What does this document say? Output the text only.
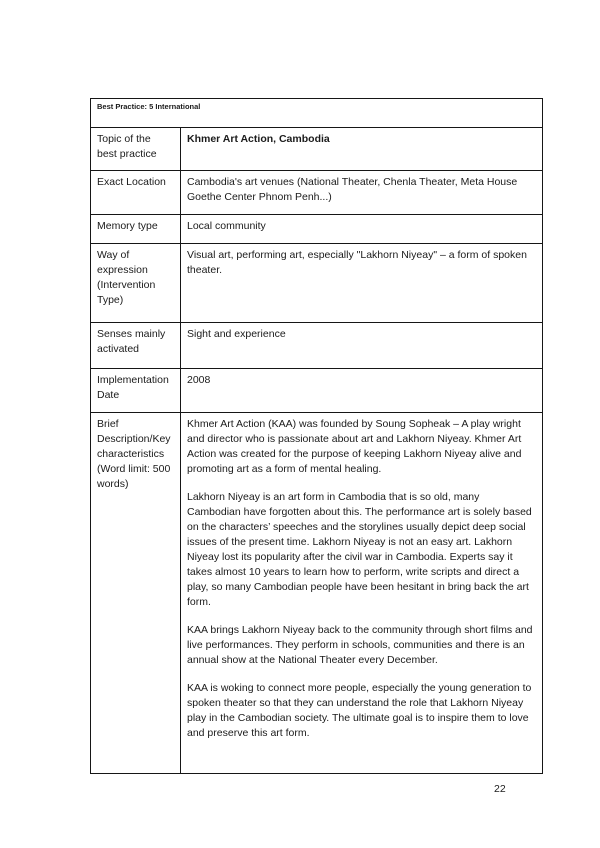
Best Practice: 5 International
Topic of the best practice
Khmer Art Action, Cambodia
Exact Location	Cambodia's art venues (National Theater, Chenla Theater, Meta House Goethe Center Phnom Penh...)
Memory type	Local community
Way of expression (Intervention Type)
Visual art, performing art, especially "Lakhorn Niyeay" – a form of spoken theater.
Senses mainly activated
Sight and experience
Implementation Date
2008
Brief Description/Key characteristics (Word limit: 500 words)

Khmer Art Action (KAA) was founded by Soung Sopheak – A play wright and director who is passionate about art and Lakhorn Niyeay. Khmer Art Action was created for the purpose of keeping Lakhorn Niyeay alive and promoting art as a form of mental healing.

Lakhorn Niyeay is an art form in Cambodia that is so old, many Cambodian have forgotten about this. The performance art is solely based on the characters’ speeches and the storylines usually depict deep social issues of the present time. Lakhorn Niyeay is not an easy art. Lakhorn Niyeay lost its popularity after the civil war in Cambodia. Experts say it takes almost 10 years to learn how to perform, write scripts and direct a play, so many Cambodian people have been hesitant in bring back the art form.

KAA brings Lakhorn Niyeay back to the community through short films and live performances. They perform in schools, communities and there is an annual show at the National Theater every December.

KAA is woking to connect more people, especially the young generation to spoken theater so that they can understand the role that Lakhorn Niyeay play in the Cambodian society. The ultimate goal is to inspire them to love and preserve this art form.

22
